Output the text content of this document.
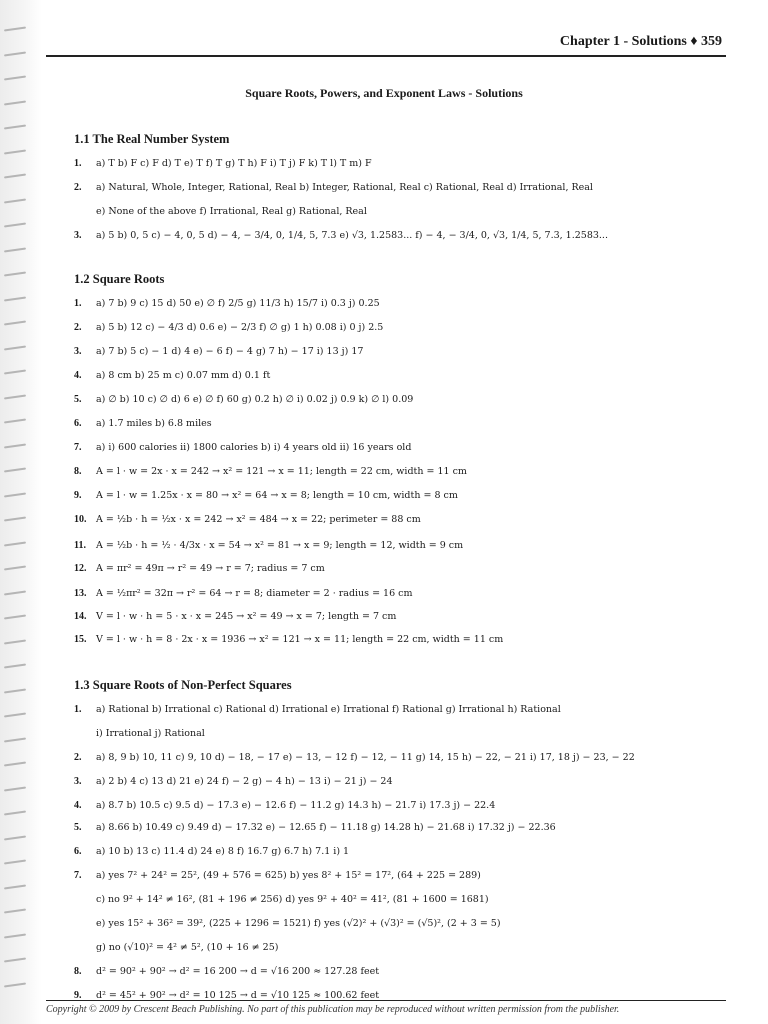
Chapter 1 - Solutions ♦ 359
Square Roots, Powers, and Exponent Laws - Solutions
1.1 The Real Number System
1.	a) T b) F c) F d) T e) T f) T g) T h) F i) T j) F k) T l) T m) F
2.	a) Natural, Whole, Integer, Rational, Real b) Integer, Rational, Real c) Rational, Real d) Irrational, Real
e) None of the above f) Irrational, Real g) Rational, Real
3.	a) 5 b) 0, 5 c) − 4, 0, 5 d) − 4, − 3/4, 0, 1/4, 5, 7.3 e) √3, 1.2583... f) − 4, − 3/4, 0, √3, 1/4, 5, 7.3, 1.2583...
1.2 Square Roots
1.	a) 7 b) 9 c) 15 d) 50 e) ∅ f) 2/5 g) 11/3 h) 15/7 i) 0.3 j) 0.25
2.	a) 5 b) 12 c) − 4/3 d) 0.6 e) − 2/3 f) ∅ g) 1 h) 0.08 i) 0 j) 2.5
3.	a) 7 b) 5 c) − 1 d) 4 e) − 6 f) − 4 g) 7 h) − 17 i) 13 j) 17
4.	a) 8 cm b) 25 m c) 0.07 mm d) 0.1 ft
5.	a) ∅ b) 10 c) ∅ d) 6 e) ∅ f) 60 g) 0.2 h) ∅ i) 0.02 j) 0.9 k) ∅ l) 0.09
6.	a) 1.7 miles b) 6.8 miles
7.	a) i) 600 calories ii) 1800 calories b) i) 4 years old ii) 16 years old
8.	A = l · w = 2x · x = 242 → x² = 121 → x = 11; length = 22 cm, width = 11 cm
9.	A = l · w = 1.25x · x = 80 → x² = 64 → x = 8; length = 10 cm, width = 8 cm
10.	A = ½b · h = ½x · x = 242 → x² = 484 → x = 22; perimeter = 88 cm
11.	A = ½b · h = ½ · 4/3x · x = 54 → x² = 81 → x = 9; length = 12, width = 9 cm
12.	A = πr² = 49π → r² = 49 → r = 7; radius = 7 cm
13.	A = ½πr² = 32π → r² = 64 → r = 8; diameter = 2 · radius = 16 cm
14.	V = l · w · h = 5 · x · x = 245 → x² = 49 → x = 7; length = 7 cm
15.	V = l · w · h = 8 · 2x · x = 1936 → x² = 121 → x = 11; length = 22 cm, width = 11 cm
1.3 Square Roots of Non-Perfect Squares
1.	a) Rational b) Irrational c) Rational d) Irrational e) Irrational f) Rational g) Irrational h) Rational
i) Irrational j) Rational
2.	a) 8, 9 b) 10, 11 c) 9, 10 d) − 18, − 17 e) − 13, − 12 f) − 12, − 11 g) 14, 15 h) − 22, − 21 i) 17, 18 j) − 23, − 22
3.	a) 2 b) 4 c) 13 d) 21 e) 24 f) − 2 g) − 4 h) − 13 i) − 21 j) − 24
4.	a) 8.7 b) 10.5 c) 9.5 d) − 17.3 e) − 12.6 f) − 11.2 g) 14.3 h) − 21.7 i) 17.3 j) − 22.4
5.	a) 8.66 b) 10.49 c) 9.49 d) − 17.32 e) − 12.65 f) − 11.18 g) 14.28 h) − 21.68 i) 17.32 j) − 22.36
6.	a) 10 b) 13 c) 11.4 d) 24 e) 8 f) 16.7 g) 6.7 h) 7.1 i) 1
7.	a) yes 7² + 24² = 25², (49 + 576 = 625) b) yes 8² + 15² = 17², (64 + 225 = 289)
c) no 9² + 14² ≠ 16², (81 + 196 ≠ 256) d) yes 9² + 40² = 41², (81 + 1600 = 1681)
e) yes 15² + 36² = 39², (225 + 1296 = 1521) f) yes (√2)² + (√3)² = (√5)², (2 + 3 = 5)
g) no (√10)² = 4² ≠ 5², (10 + 16 ≠ 25)
8.	d² = 90² + 90² → d² = 16 200 → d = √16 200 ≈ 127.28 feet
9.	d² = 45² + 90² → d² = 10 125 → d = √10 125 ≈ 100.62 feet
Copyright © 2009 by Crescent Beach Publishing. No part of this publication may be reproduced without written permission from the publisher.
